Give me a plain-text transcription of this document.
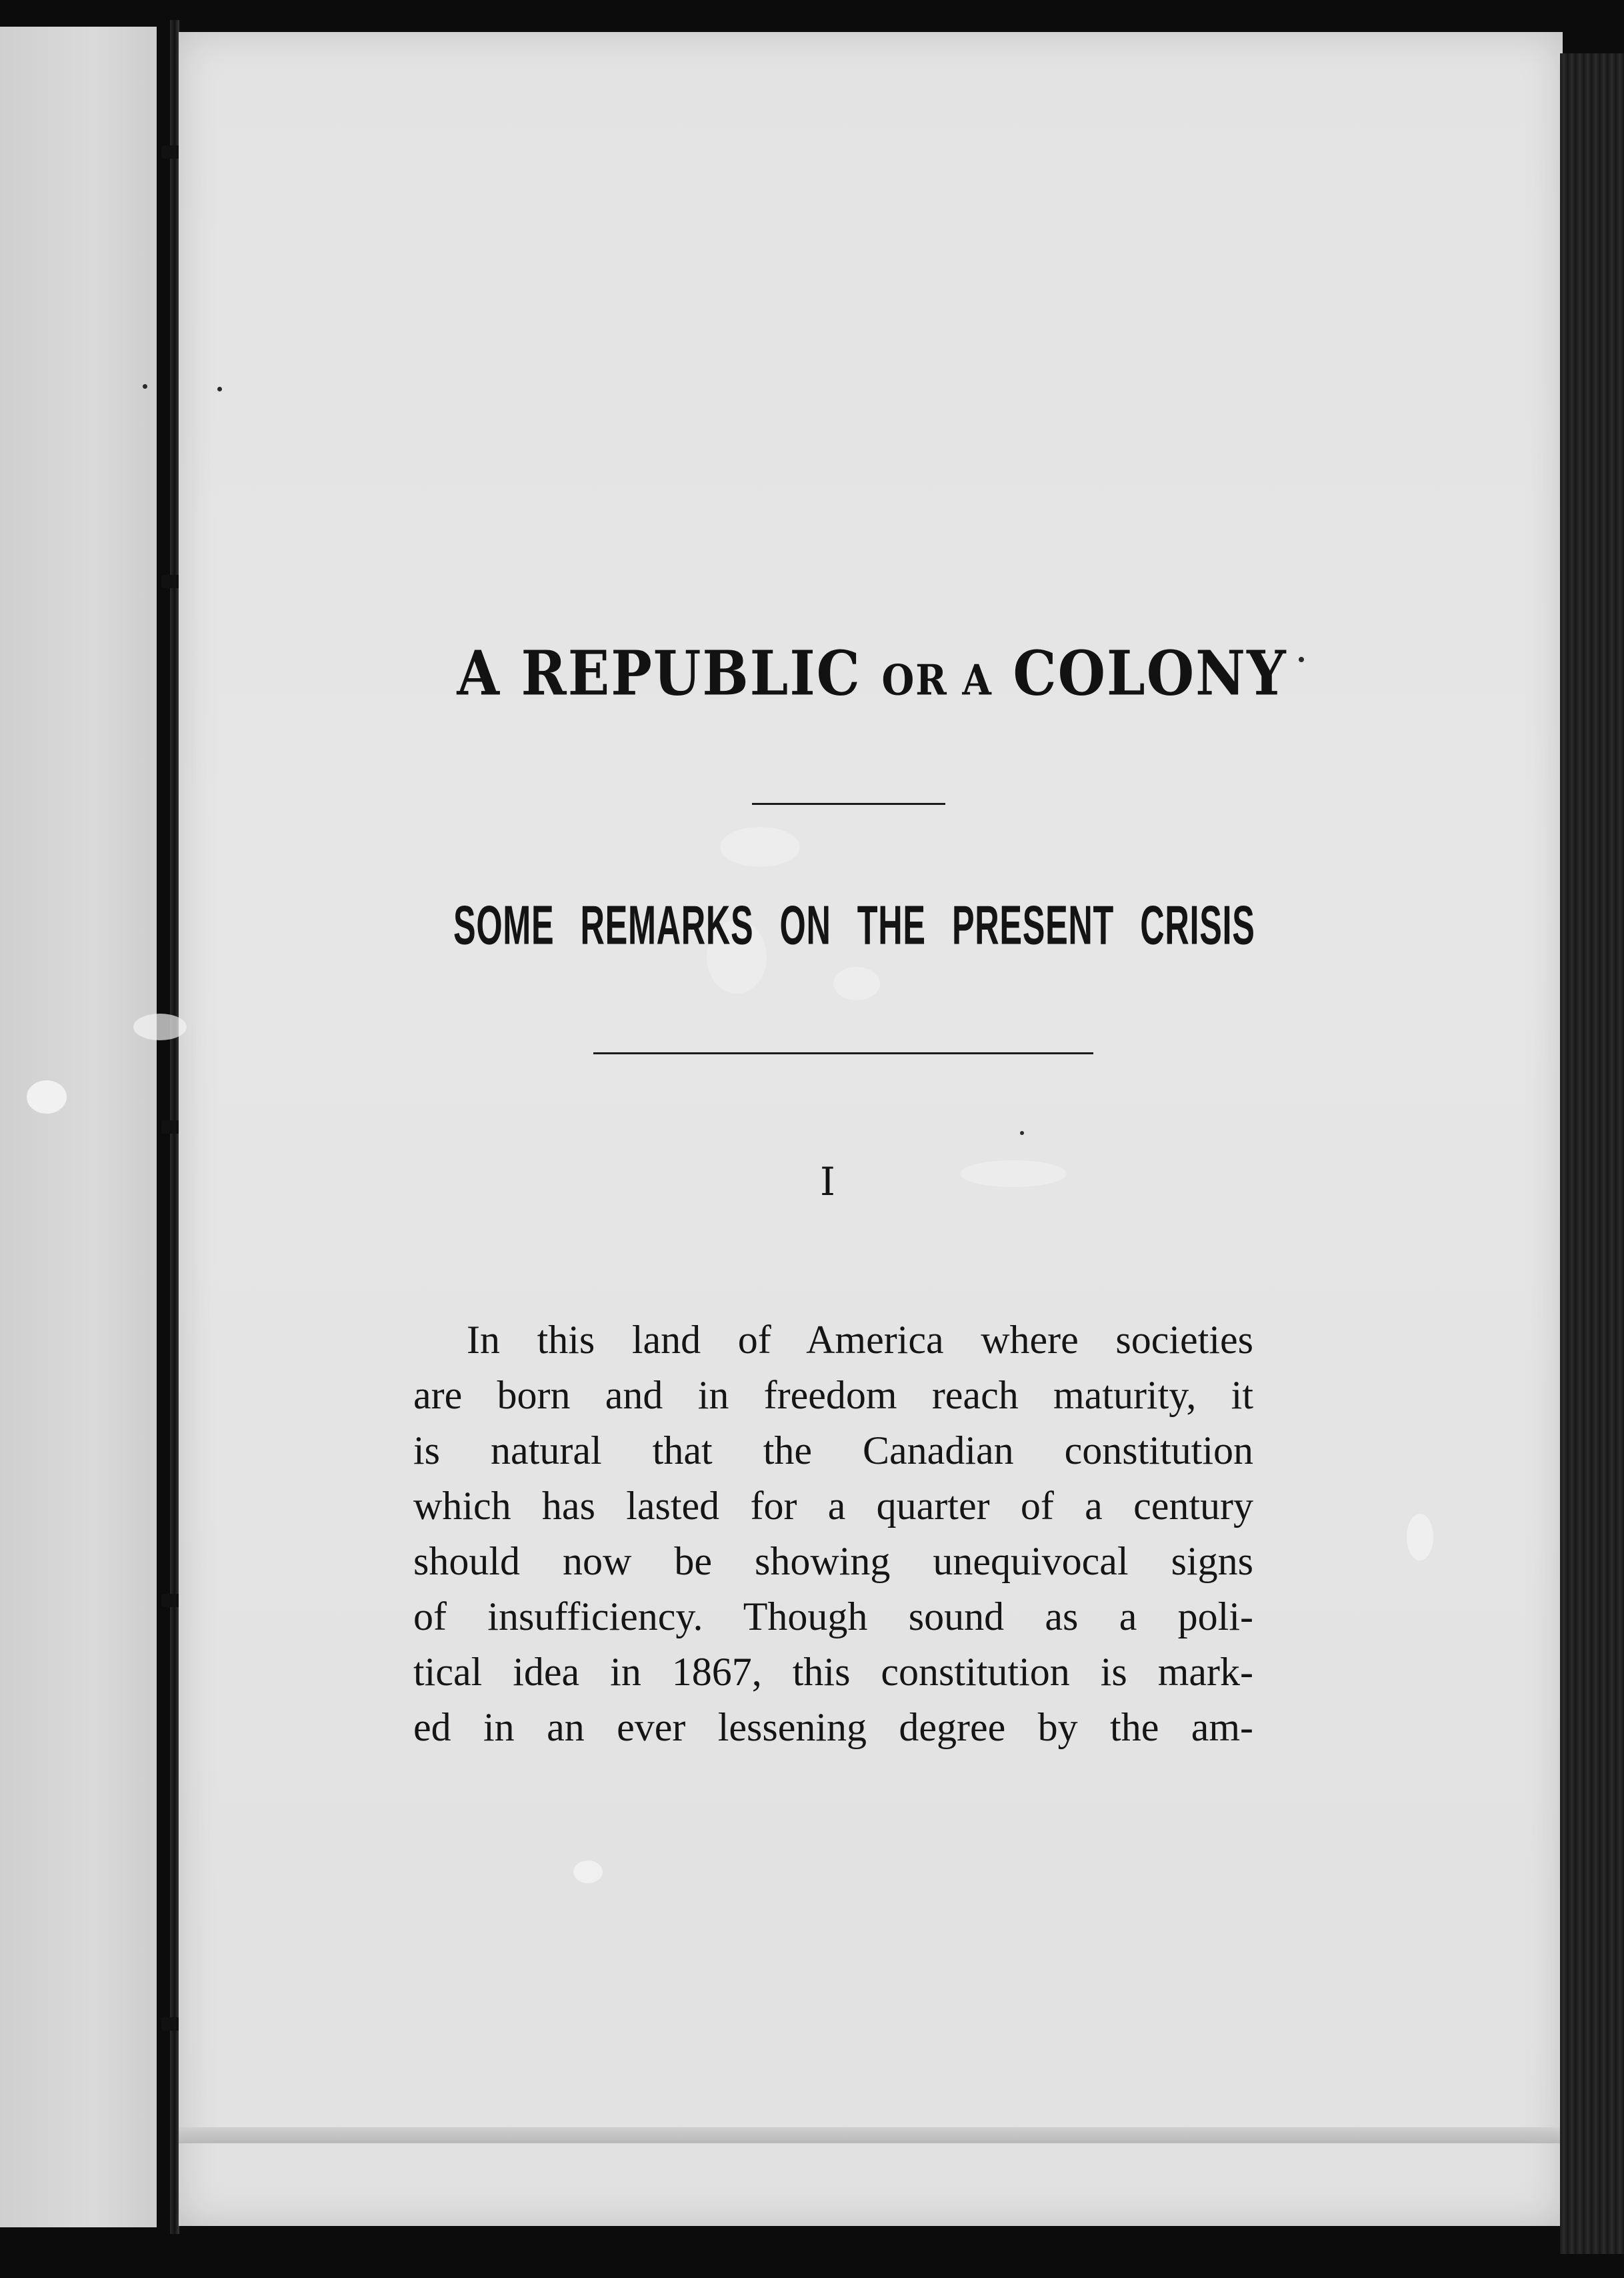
A REPUBLIC OR A COLONY
SOME REMARKS ON THE PRESENT CRISIS
I
In this land of America where societies
are born and in freedom reach maturity, it
is natural that the Canadian constitution
which has lasted for a quarter of a century
should now be showing unequivocal signs
of insufficiency. Though sound as a poli-
tical idea in 1867, this constitution is mark-
ed in an ever lessening degree by the am-
